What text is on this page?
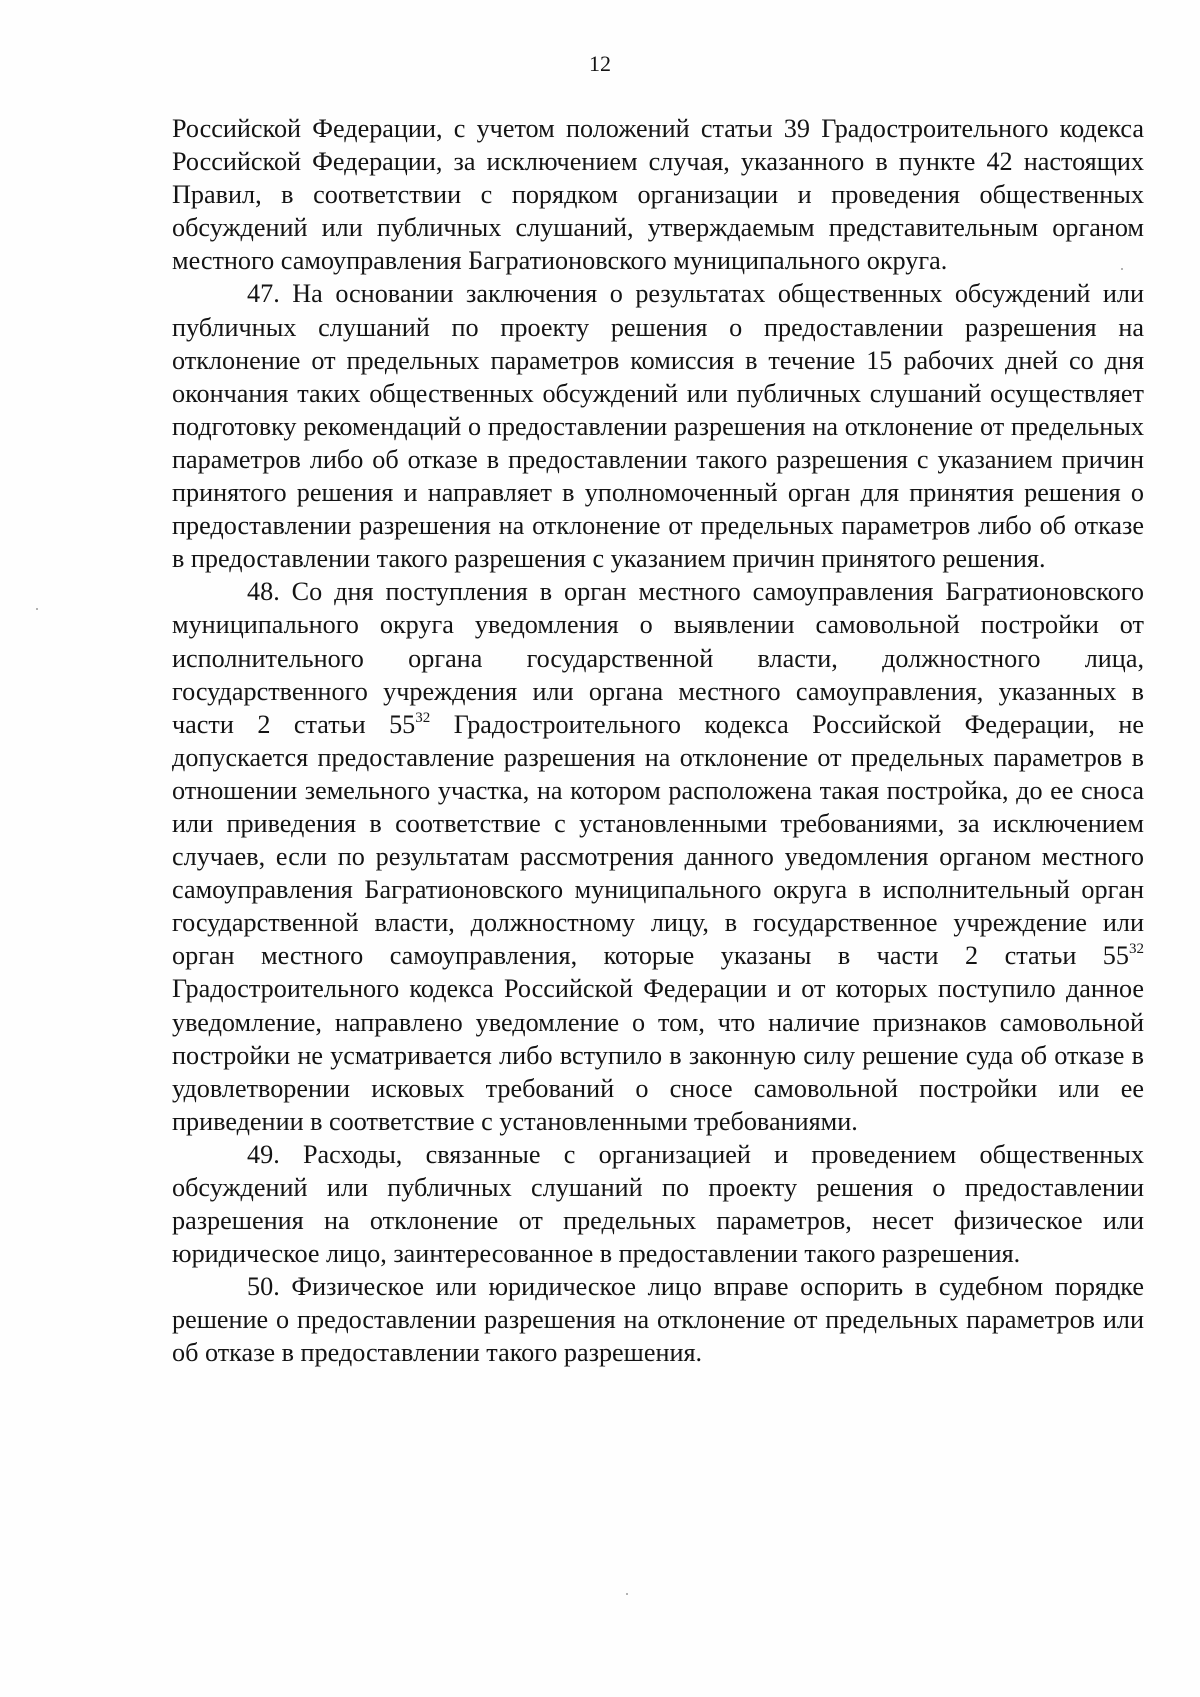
12

Российской Федерации, с учетом положений статьи 39 Градостроительного кодекса Российской Федерации, за исключением случая, указанного в пункте 42 настоящих Правил, в соответствии с порядком организации и проведения общественных обсуждений или публичных слушаний, утверждаемым представительным органом местного самоуправления Багратионовского муниципального округа.

47. На основании заключения о результатах общественных обсуждений или публичных слушаний по проекту решения о предоставлении разрешения на отклонение от предельных параметров комиссия в течение 15 рабочих дней со дня окончания таких общественных обсуждений или публичных слушаний осуществляет подготовку рекомендаций о предоставлении разрешения на отклонение от предельных параметров либо об отказе в предоставлении такого разрешения с указанием причин принятого решения и направляет в уполномоченный орган для принятия решения о предоставлении разрешения на отклонение от предельных параметров либо об отказе в предоставлении такого разрешения с указанием причин принятого решения.

48. Со дня поступления в орган местного самоуправления Багратионовского муниципального округа уведомления о выявлении самовольной постройки от исполнительного органа государственной власти, должностного лица, государственного учреждения или органа местного самоуправления, указанных в части 2 статьи $55^{32}$ Градостроительного кодекса Российской Федерации, не допускается предоставление разрешения на отклонение от предельных параметров в отношении земельного участка, на котором расположена такая постройка, до ее сноса или приведения в соответствие с установленными требованиями, за исключением случаев, если по результатам рассмотрения данного уведомления органом местного самоуправления Багратионовского муниципального округа в исполнительный орган государственной власти, должностному лицу, в государственное учреждение или орган местного самоуправления, которые указаны в части 2 статьи $55^{32}$ Градостроительного кодекса Российской Федерации и от которых поступило данное уведомление, направлено уведомление о том, что наличие признаков самовольной постройки не усматривается либо вступило в законную силу решение суда об отказе в удовлетворении исковых требований о сносе самовольной постройки или ее приведении в соответствие с установленными требованиями.

49. Расходы, связанные с организацией и проведением общественных обсуждений или публичных слушаний по проекту решения о предоставлении разрешения на отклонение от предельных параметров, несет физическое или юридическое лицо, заинтересованное в предоставлении такого разрешения.

50. Физическое или юридическое лицо вправе оспорить в судебном порядке решение о предоставлении разрешения на отклонение от предельных параметров или об отказе в предоставлении такого разрешения.
